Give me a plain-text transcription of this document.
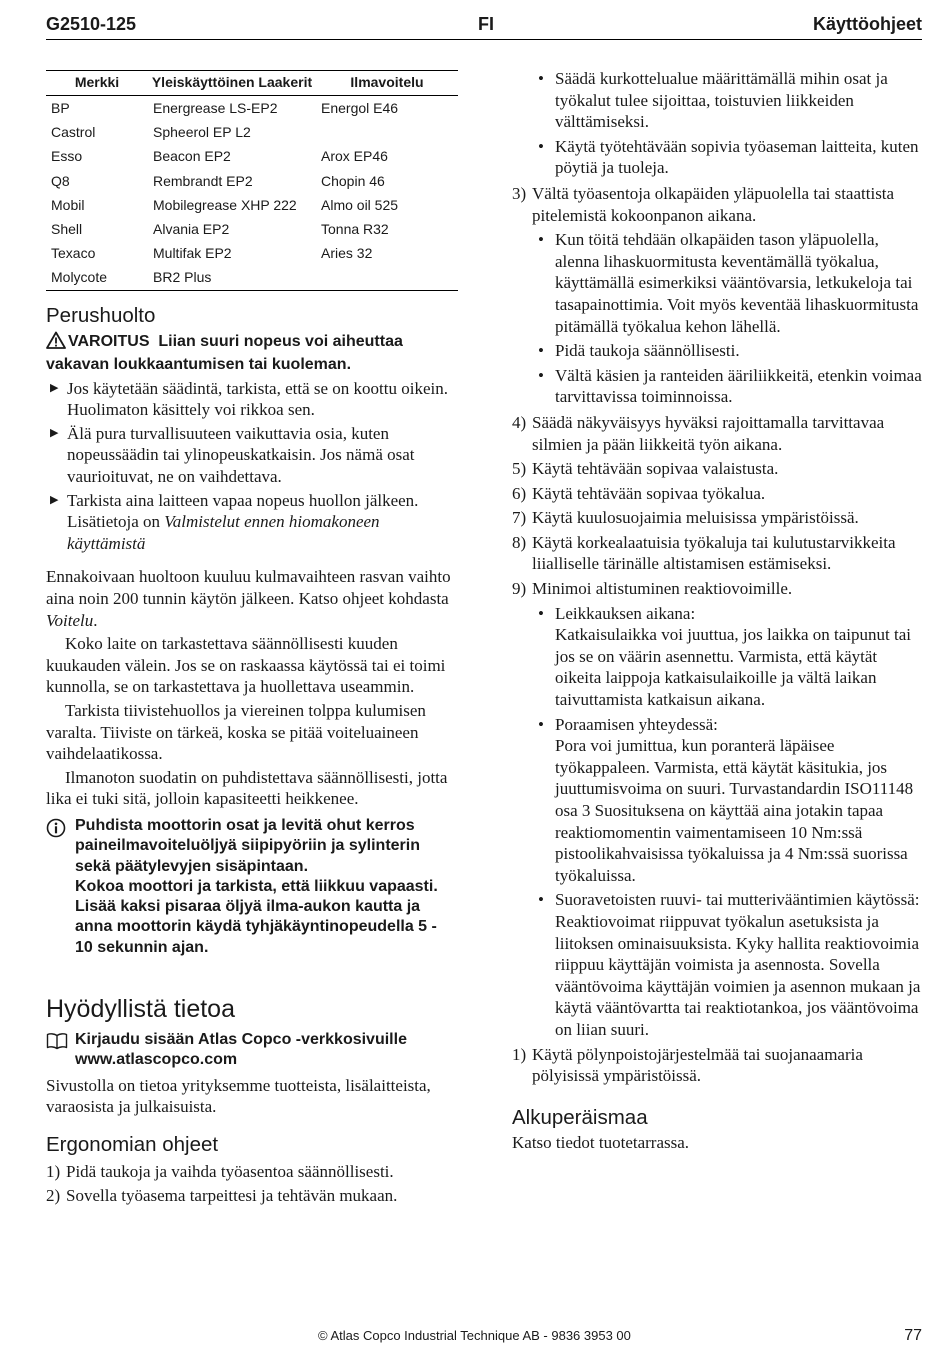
G2510-125	FI	Käyttöohjeet
Merkki	Yleiskäyttöinen Laakerit	Ilmavoitelu
BP	Energrease LS-EP2	Energol E46
Castrol	Spheerol EP L2	
Esso	Beacon EP2	Arox EP46
Q8	Rembrandt EP2	Chopin 46
Mobil	Mobilegrease XHP 222	Almo oil 525
Shell	Alvania EP2	Tonna R32
Texaco	Multifak EP2	Aries 32
Molycote	BR2 Plus	
Perushuolto
VAROITUS Liian suuri nopeus voi aiheuttaa vakavan loukkaantumisen tai kuoleman.
▶ Jos käytetään säädintä, tarkista, että se on koottu oikein. Huolimaton käsittely voi rikkoa sen.
▶ Älä pura turvallisuuteen vaikuttavia osia, kuten nopeussäädin tai ylinopeuskatkaisin. Jos nämä osat vaurioituvat, ne on vaihdettava.
▶ Tarkista aina laitteen vapaa nopeus huollon jälkeen. Lisätietoja on Valmistelut ennen hiomakoneen käyttämistä

Ennakoivaan huoltoon kuuluu kulmavaihteen rasvan vaihto aina noin 200 tunnin käytön jälkeen. Katso ohjeet kohdasta Voitelu.

Koko laite on tarkastettava säännöllisesti kuuden kuukauden välein. Jos se on raskaassa käytössä tai ei toimi kunnolla, se on tarkastettava ja huollettava useammin.

Tarkista tiivistehuollos ja viereinen tolppa kulumisen varalta. Tiiviste on tärkeä, koska se pitää voiteluaineen vaihdelaatikossa.

Ilmanoton suodatin on puhdistettava säännöllisesti, jotta lika ei tuki sitä, jolloin kapasiteetti heikkenee.

Puhdista moottorin osat ja levitä ohut kerros paineilmavoiteluöljyä siipipyöriin ja sylinterin sekä päätylevyjen sisäpintaan.
Kokoa moottori ja tarkista, että liikkuu vapaasti. Lisää kaksi pisaraa öljyä ilma-aukon kautta ja anna moottorin käydä tyhjäkäyntinopeudella 5 - 10 sekunnin ajan.
Hyödyllistä tietoa
Kirjaudu sisään Atlas Copco -verkkosivuille www.atlascopco.com

Sivustolla on tietoa yrityksemme tuotteista, lisälaitteista, varaosista ja julkaisuista.

Ergonomian ohjeet
1) Pidä taukoja ja vaihda työasentoa säännöllisesti.
2) Sovella työasema tarpeittesi ja tehtävän mukaan.
• Säädä kurkottelualue määrittämällä mihin osat ja työkalut tulee sijoittaa, toistuvien liikkeiden välttämiseksi.
• Käytä työtehtävään sopivia työaseman laitteita, kuten pöytiä ja tuoleja.
3) Vältä työasentoja olkapäiden yläpuolella tai staattista pitelemistä kokoonpanon aikana.
• Kun töitä tehdään olkapäiden tason yläpuolella, alenna lihaskuormitusta keventämällä työkalua, käyttämällä esimerkiksi vääntövarsia, letkukeloja tai tasapainottimia. Voit myös keventää lihaskuormitusta pitämällä työkalua kehon lähellä.
• Pidä taukoja säännöllisesti.
• Vältä käsien ja ranteiden ääriliikkeitä, etenkin voimaa tarvittavissa toiminnoissa.
4) Säädä näkyväisyys hyväksi rajoittamalla tarvittavaa silmien ja pään liikkeitä työn aikana.
5) Käytä tehtävään sopivaa valaistusta.
6) Käytä tehtävään sopivaa työkalua.
7) Käytä kuulosuojaimia meluisissa ympäristöissä.
8) Käytä korkealaatuisia työkaluja tai kulutustarvikkeita liialliselle tärinälle altistamisen estämiseksi.
9) Minimoi altistuminen reaktiovoimille.
• Leikkauksen aikana:
Katkaisulaikka voi juuttua, jos laikka on taipunut tai jos se on väärin asennettu. Varmista, että käytät oikeita laippoja katkaisulaikoille ja vältä laikan taivuttamista katkaisun aikana.
• Poraamisen yhteydessä:
Pora voi jumittua, kun poranterä läpäisee työkappaleen. Varmista, että käytät käsitukia, jos juuttumisvoima on suuri. Turvastandardin ISO11148 osa 3 Suosituksena on käyttää aina jotakin tapaa reaktiomomentin vaimentamiseen 10 Nm:ssä pistoolikahvaisissa työkaluissa ja 4 Nm:ssä suorissa työkaluissa.
• Suoravetoisten ruuvi- tai mutterivääntimien käytössä:
Reaktiovoimat riippuvat työkalun asetuksista ja liitoksen ominaisuuksista. Kyky hallita reaktiovoimia riippuu käyttäjän voimista ja asennosta. Sovella vääntövoima käyttäjän voimien ja asennon mukaan ja käytä vääntövartta tai reaktiotankoa, jos vääntövoima on liian suuri.
1) Käytä pölynpoistojärjestelmää tai suojanaamaria pölyisissä ympäristöissä.
Alkuperäismaa

Katso tiedot tuotetarrassa.

© Atlas Copco Industrial Technique AB - 9836 3953 00	77
